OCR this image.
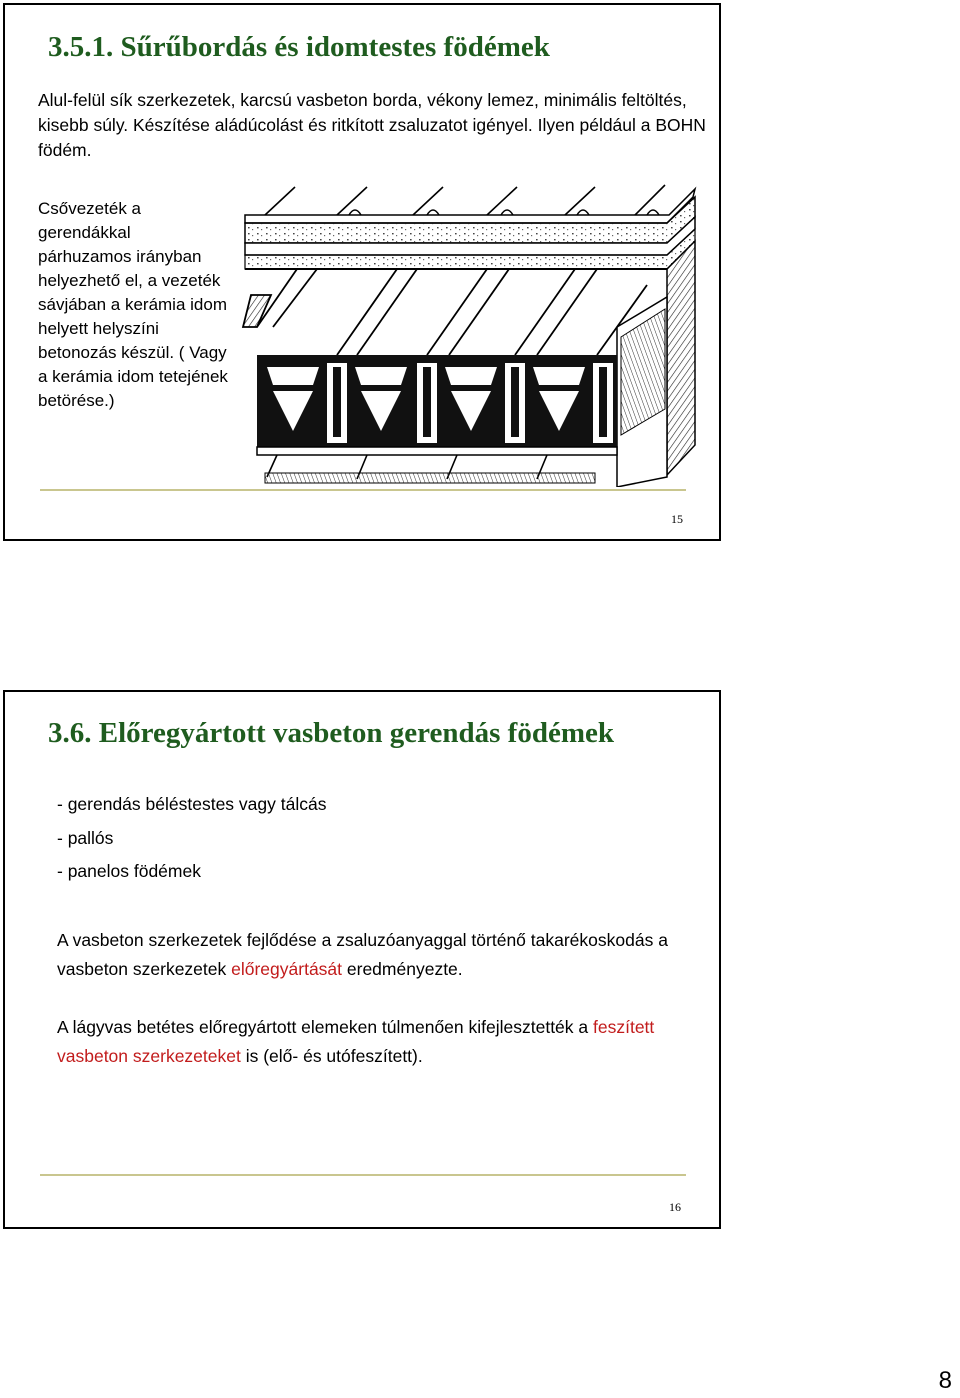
3.5.1. Sűrűbordás és idomtestes födémek

Alul-felül sík szerkezetek, karcsú vasbeton borda, vékony lemez, minimális feltöltés, kisebb súly. Készítése aládúcolást és ritkított zsaluzatot igényel. Ilyen például a BOHN födém.

Csővezeték a gerendákkal párhuzamos irányban helyezhető el, a vezeték sávjában a kerámia idom helyett helyszíni betonozás készül. ( Vagy a kerámia idom tetejének betörése.)

15
3.6. Előregyártott vasbeton gerendás födémek
- gerendás béléstestes vagy tálcás
- pallós
- panelos födémek

A vasbeton szerkezetek fejlődése a zsaluzóanyaggal történő takarékoskodás a vasbeton szerkezetek előregyártását eredményezte.

A lágyvas betétes előregyártott elemeken túlmenően kifejlesztették a feszített vasbeton szerkezeteket is (elő- és utófeszített).

16
8
